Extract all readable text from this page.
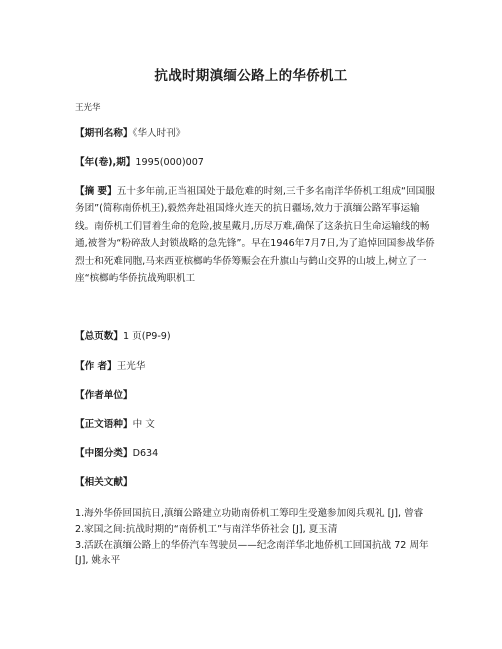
抗战时期滇缅公路上的华侨机工
王光华
【期刊名称】《华人时刊》
【年(卷),期】1995(000)007
【摘 要】五十多年前,正当祖国处于最危难的时刻,三千多名南洋华侨机工组成“回国服务团”(简称南侨机王),毅然奔赴祖国烽火连天的抗日疆场,效力于滇缅公路军事运输线。南侨机工们冒着生命的危险,披星戴月,历尽万难,确保了这条抗日生命运输线的畅通,被誉为“粉碎敌人封锁战略的急先锋”。早在1946年7月7日,为了追悼回国参战华侨烈士和死难同胞,马来西亚槟榔屿华侨筹赈会在升旗山与鹤山交界的山坡上,树立了一座“槟榔屿华侨抗战殉职机工
【总页数】1 页(P9-9)
【作 者】王光华
【作者单位】
【正文语种】中 文
【中图分类】D634
【相关文献】

1.海外华侨回国抗日,滇缅公路建立功勋南侨机工筹印生受邀参加阅兵观礼 [J], 曾睿

2.家国之间:抗战时期的“南侨机工”与南洋华侨社会 [J], 夏玉清

3.活跃在滇缅公路上的华侨汽车驾驶员——纪念南洋华北地侨机工回国抗战 72 周年 [J], 姚永平
